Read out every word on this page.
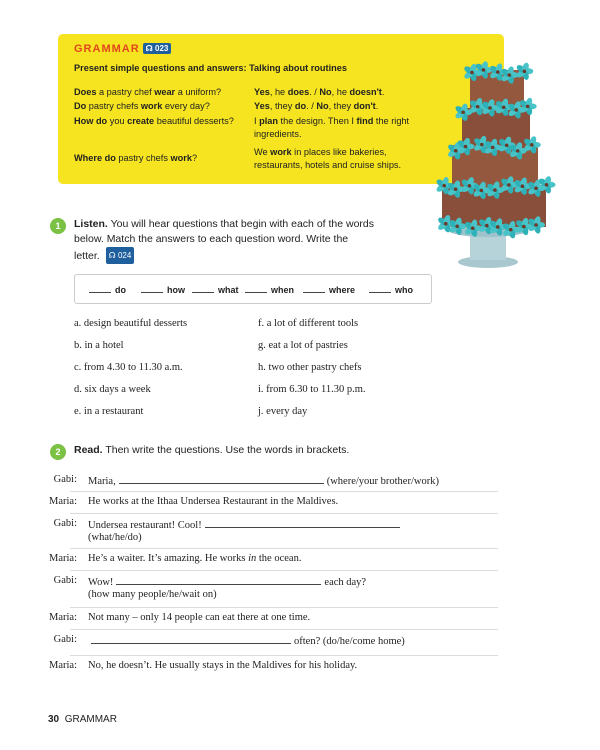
GRAMMAR ☊ 023
Present simple questions and answers: Talking about routines
Does a pastry chef wear a uniform?	Yes, he does. / No, he doesn't.
Do pastry chefs work every day?	Yes, they do. / No, they don't.
How do you create beautiful desserts?	I plan the design. Then I find the right ingredients.
Where do pastry chefs work?
We work in places like bakeries, restaurants, hotels and cruise ships.
1	Listen. You will hear questions that begin with each of the words below. Match the answers to each question word. Write the letter. ☊ 024
do	how	what	when	where	who
a. design beautiful desserts
b. in a hotel
c. from 4.30 to 11.30 a.m.
d. six days a week
e. in a restaurant
f. a lot of different tools
g. eat a lot of pastries
h. two other pastry chefs
i. from 6.30 to 11.30 p.m.
j. every day
2	Read. Then write the questions. Use the words in brackets.
Gabi: Maria,	(where/your brother/work)
Maria: He works at the Ithaa Undersea Restaurant in the Maldives.
Gabi: Undersea restaurant! Cool!
(what/he/do)
Maria: He’s a waiter. It’s amazing. He works in the ocean.
Gabi: Wow!	each day?
(how many people/he/wait on)
Maria: Not many – only 14 people can eat there at one time.
Gabi:	often? (do/he/come home)
Maria: No, he doesn’t. He usually stays in the Maldives for his holiday.
30 GRAMMAR
